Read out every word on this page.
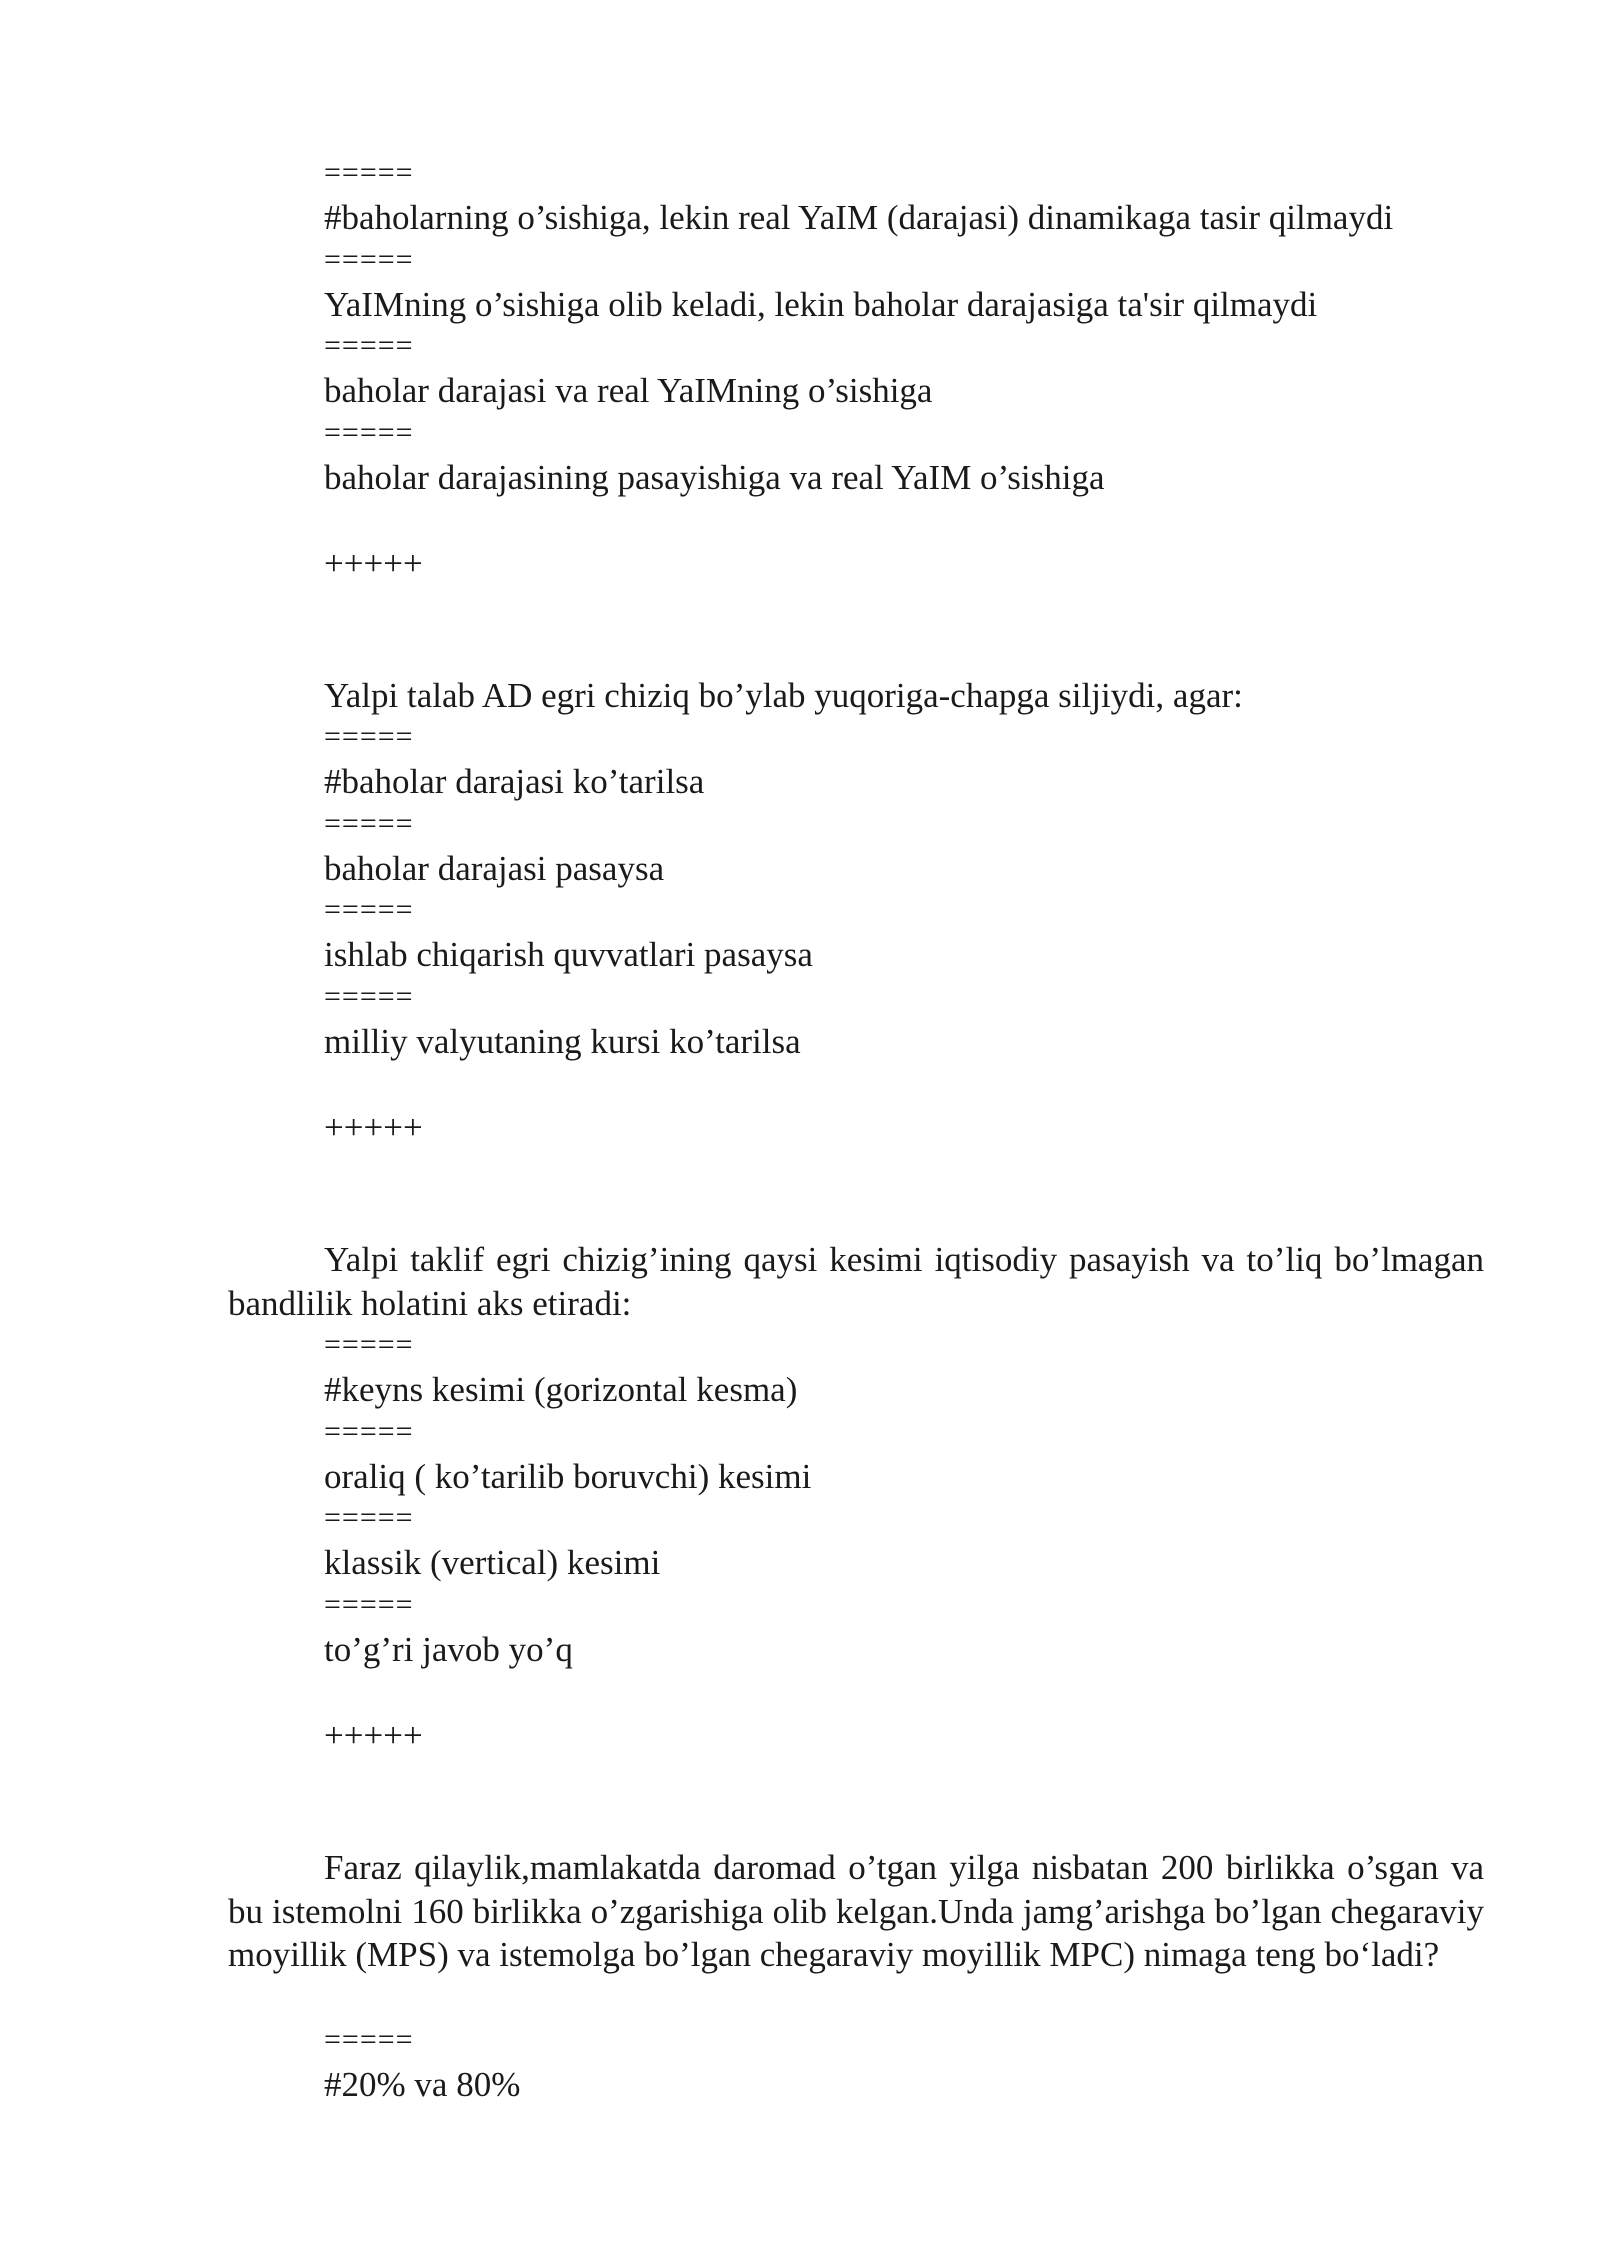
=====
#baholarning o’sishiga, lekin real YaIM (darajasi) dinamikaga tasir qilmaydi
=====
YaIMning o’sishiga olib keladi, lekin baholar darajasiga ta'sir qilmaydi
=====
baholar darajasi va real YaIMning o’sishiga
=====
baholar darajasining pasayishiga va real YaIM o’sishiga
+++++
Yalpi talab AD egri chiziq bo’ylab yuqoriga-chapga siljiydi, agar:
=====
#baholar darajasi ko’tarilsa
=====
baholar darajasi pasaysa
=====
ishlab chiqarish quvvatlari pasaysa
=====
milliy valyutaning kursi ko’tarilsa
+++++
Yalpi taklif egri chizig’ining qaysi kesimi iqtisodiy pasayish va to’liq bo’lmagan bandlilik holatini aks etiradi:
=====
#keyns kesimi (gorizontal kesma)
=====
oraliq ( ko’tarilib boruvchi) kesimi
=====
klassik (vertical) kesimi
=====
to’g’ri javob yo’q
+++++
Faraz qilaylik,mamlakatda daromad o’tgan yilga nisbatan 200 birlikka o’sgan va bu istemolni 160 birlikka o’zgarishiga olib kelgan.Unda jamg’arishga bo’lgan chegaraviy moyillik (MPS) va istemolga bo’lgan chegaraviy moyillik MPC) nimaga teng bo‘ladi?
=====
#20% va 80%
